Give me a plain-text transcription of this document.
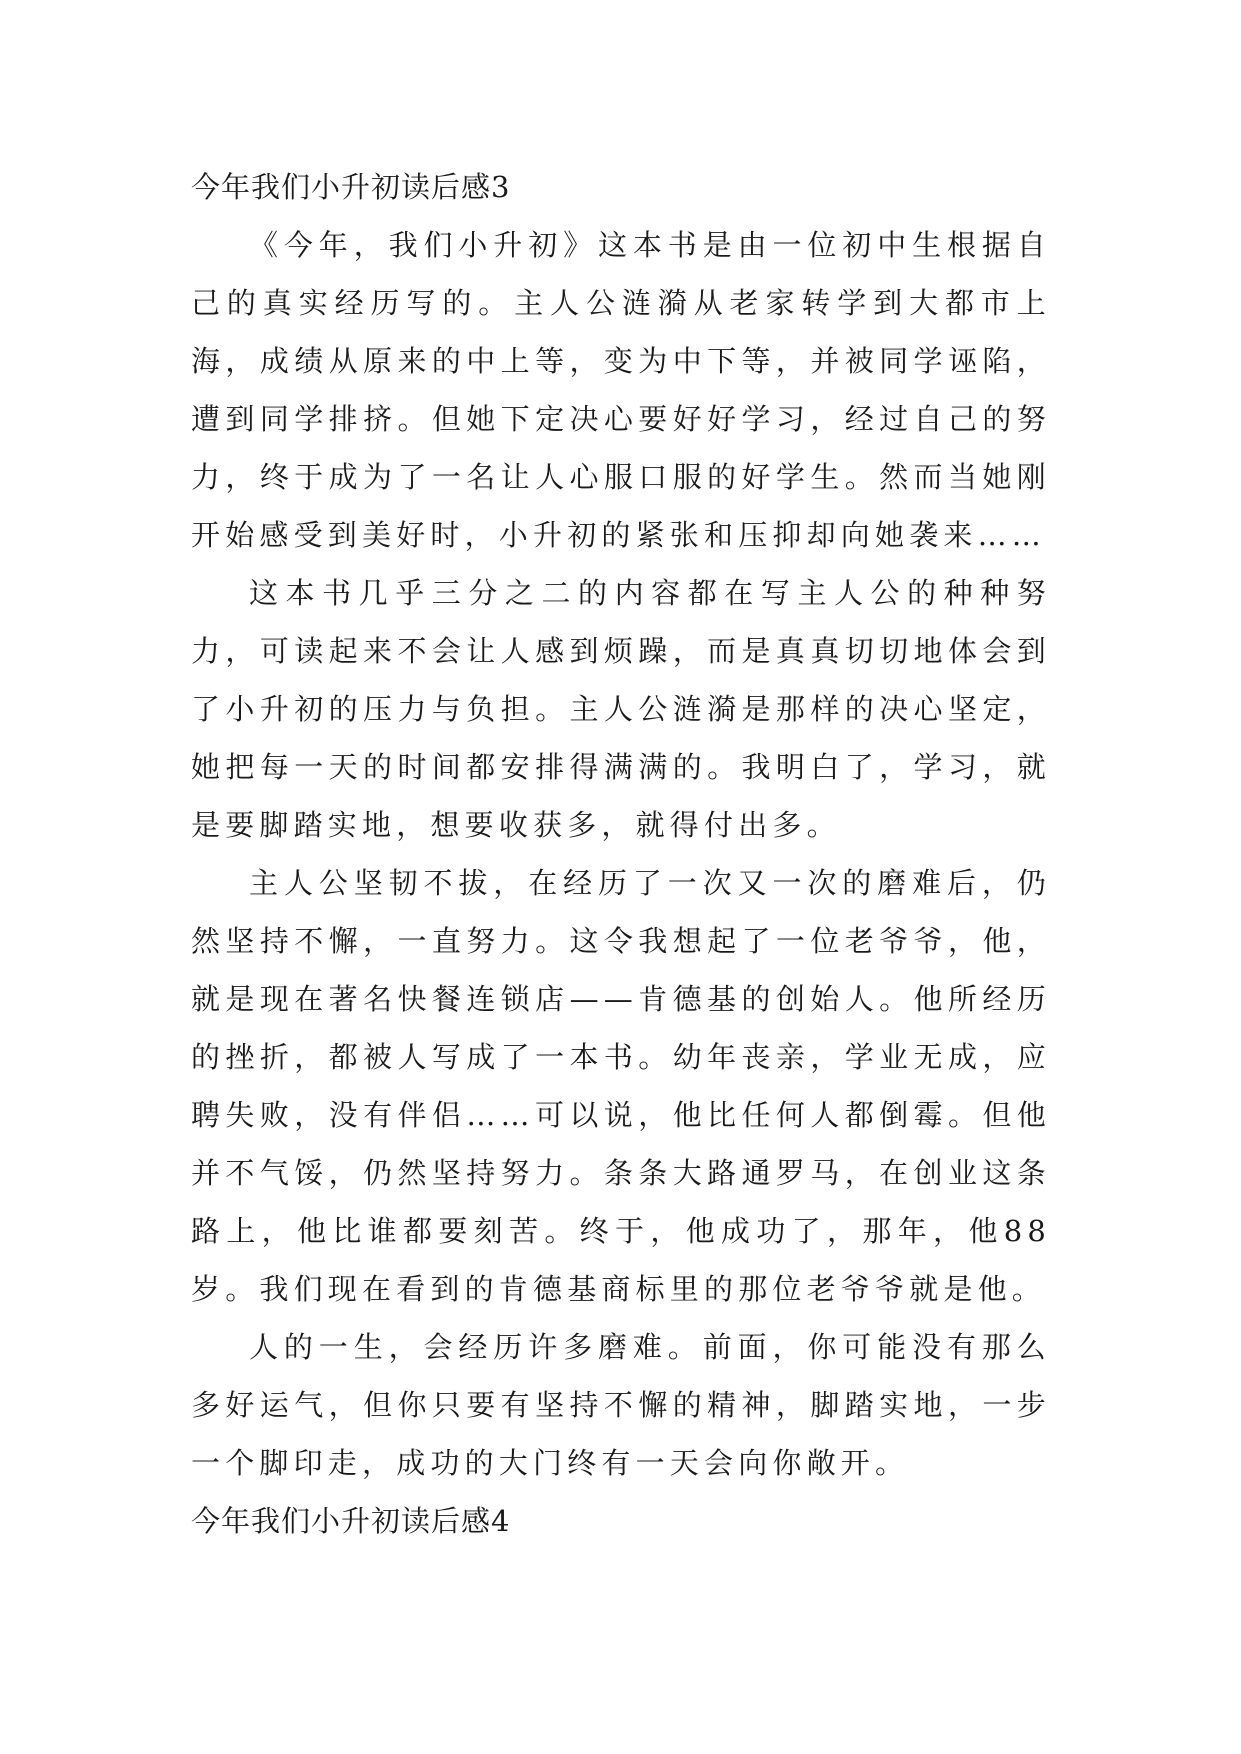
今年我们小升初读后感3

《今年，我们小升初》这本书是由一位初中生根据自己的真实经历写的。主人公涟漪从老家转学到大都市上海，成绩从原来的中上等，变为中下等，并被同学诬陷，遭到同学排挤。但她下定决心要好好学习，经过自己的努力，终于成为了一名让人心服口服的好学生。然而当她刚开始感受到美好时，小升初的紧张和压抑却向她袭来……

这本书几乎三分之二的内容都在写主人公的种种努力，可读起来不会让人感到烦躁，而是真真切切地体会到了小升初的压力与负担。主人公涟漪是那样的决心坚定，她把每一天的时间都安排得满满的。我明白了，学习，就是要脚踏实地，想要收获多，就得付出多。

主人公坚韧不拔，在经历了一次又一次的磨难后，仍然坚持不懈，一直努力。这令我想起了一位老爷爷，他，就是现在著名快餐连锁店——肯德基的创始人。他所经历的挫折，都被人写成了一本书。幼年丧亲，学业无成，应聘失败，没有伴侣……可以说，他比任何人都倒霉。但他并不气馁，仍然坚持努力。条条大路通罗马，在创业这条路上，他比谁都要刻苦。终于，他成功了，那年，他88岁。我们现在看到的肯德基商标里的那位老爷爷就是他。

人的一生，会经历许多磨难。前面，你可能没有那么多好运气，但你只要有坚持不懈的精神，脚踏实地，一步一个脚印走，成功的大门终有一天会向你敞开。

今年我们小升初读后感4
